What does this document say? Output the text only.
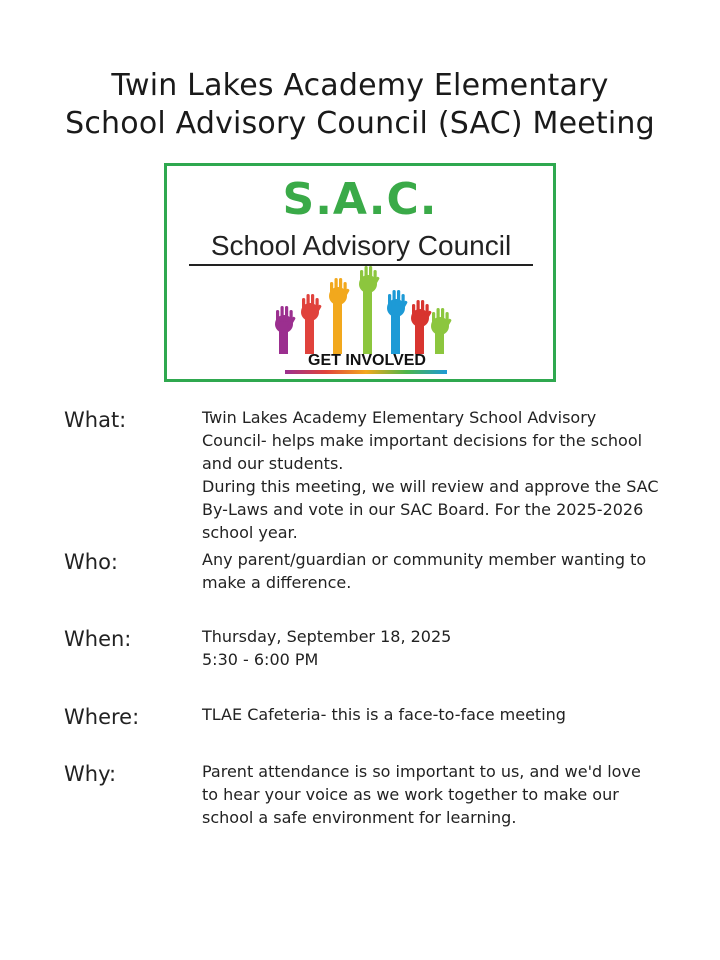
Twin Lakes Academy Elementary
School Advisory Council (SAC) Meeting
S.A.C.
School Advisory Council
GET INVOLVED
What:	Twin Lakes Academy Elementary School Advisory
Council- helps make important decisions for the school
and our students.
During this meeting, we will review and approve the SAC
By-Laws and vote in our SAC Board. For the 2025-2026
school year.
Who:	Any parent/guardian or community member wanting to
make a difference.
When:	Thursday, September 18, 2025
5:30 - 6:00 PM
Where:	TLAE Cafeteria- this is a face-to-face meeting
Why:	Parent attendance is so important to us, and we'd love
to hear your voice as we work together to make our
school a safe environment for learning.
